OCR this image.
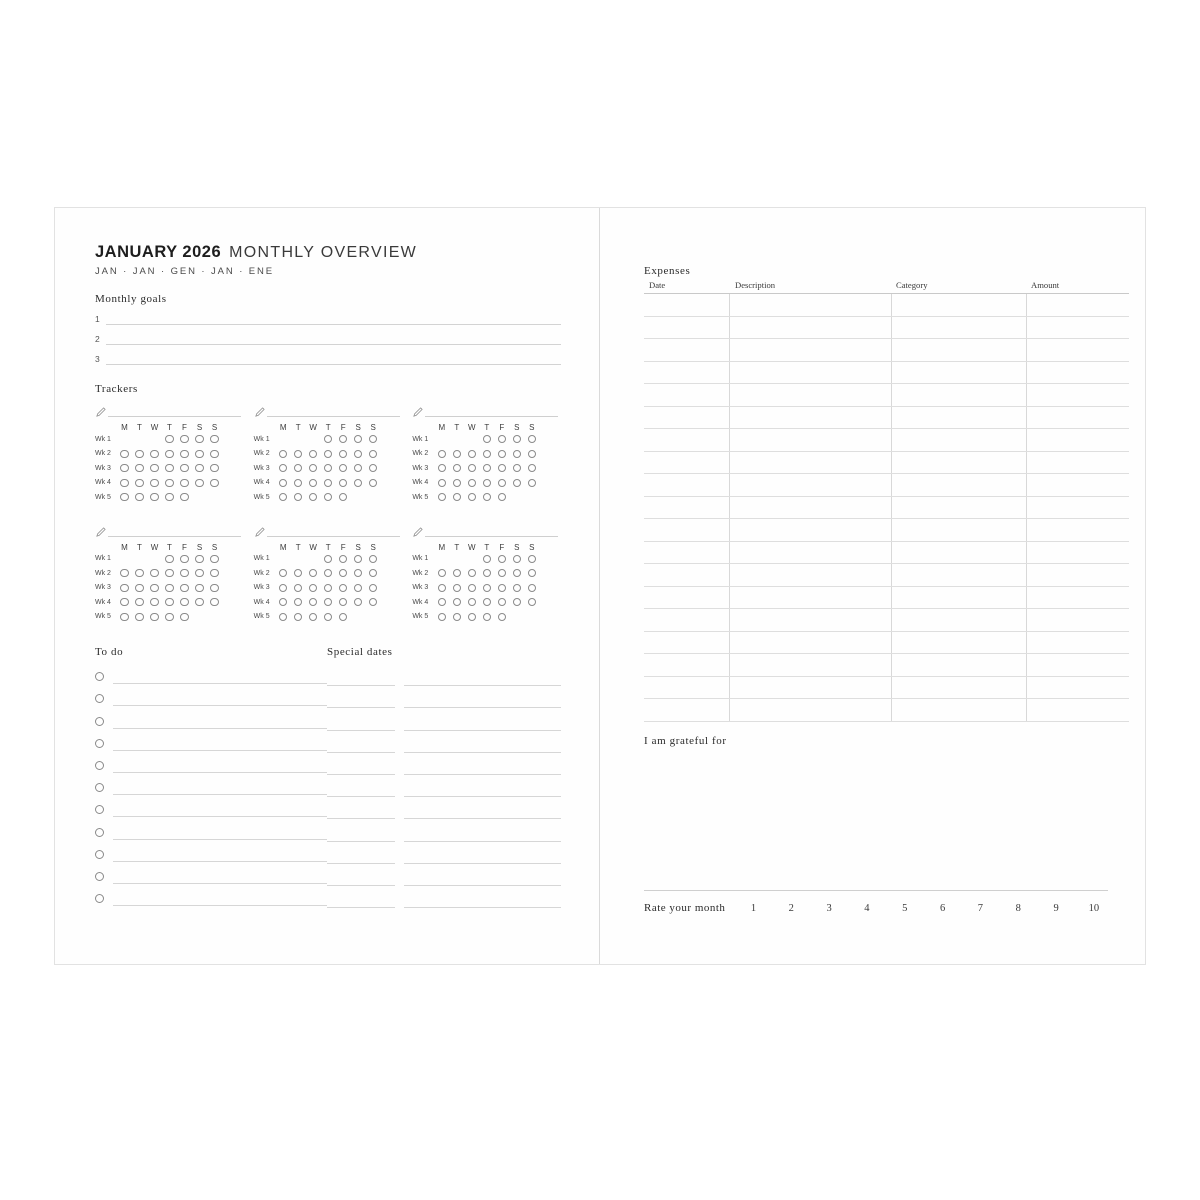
JANUARY 2026 MONTHLY OVERVIEW
JAN · JAN · GEN · JAN · ENE
Monthly goals
1
2
3
Trackers
M	T	W	T	F	S	S
Wk 1
Wk 2
Wk 3
Wk 4
Wk 5
M	T	W	T	F	S	S
Wk 1
Wk 2
Wk 3
Wk 4
Wk 5
M	T	W	T	F	S	S
Wk 1
Wk 2
Wk 3
Wk 4
Wk 5
M	T	W	T	F	S	S
Wk 1
Wk 2
Wk 3
Wk 4
Wk 5
M	T	W	T	F	S	S
Wk 1
Wk 2
Wk 3
Wk 4
Wk 5
M	T	W	T	F	S	S
Wk 1
Wk 2
Wk 3
Wk 4
Wk 5
To do	Special dates
Expenses
Date	Description	Category	Amount

I am grateful for
Rate your month	1	2	3	4	5	6	7	8	9	10
